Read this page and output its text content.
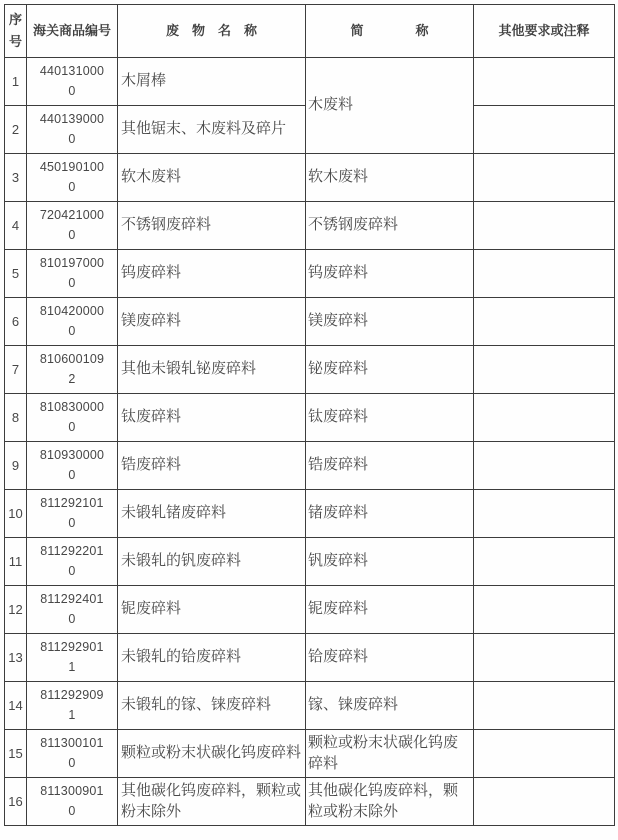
序号	海关商品编号	废　物　名　称	简　　　　称	其他要求或注释
1	4401310000	木屑棒	木废料	
2	4401390000	其他锯末、木废料及碎片		
3	4501901000	软木废料	软木废料	
4	7204210000	不锈钢废碎料	不锈钢废碎料	
5	8101970000	钨废碎料	钨废碎料	
6	8104200000	镁废碎料	镁废碎料	
7	8106001092	其他未锻轧铋废碎料	铋废碎料	
8	8108300000	钛废碎料	钛废碎料	
9	8109300000	锆废碎料	锆废碎料	
10	8112921010	未锻轧锗废碎料	锗废碎料	
11	8112922010	未锻轧的钒废碎料	钒废碎料	
12	8112924010	铌废碎料	铌废碎料	
13	8112929011	未锻轧的铪废碎料	铪废碎料	
14	8112929091	未锻轧的镓、铼废碎料	镓、铼废碎料	
15	8113001010	颗粒或粉末状碳化钨废碎料	颗粒或粉末状碳化钨废碎料	
16	8113009010	其他碳化钨废碎料，颗粒或粉末除外	其他碳化钨废碎料，颗粒或粉末除外	
